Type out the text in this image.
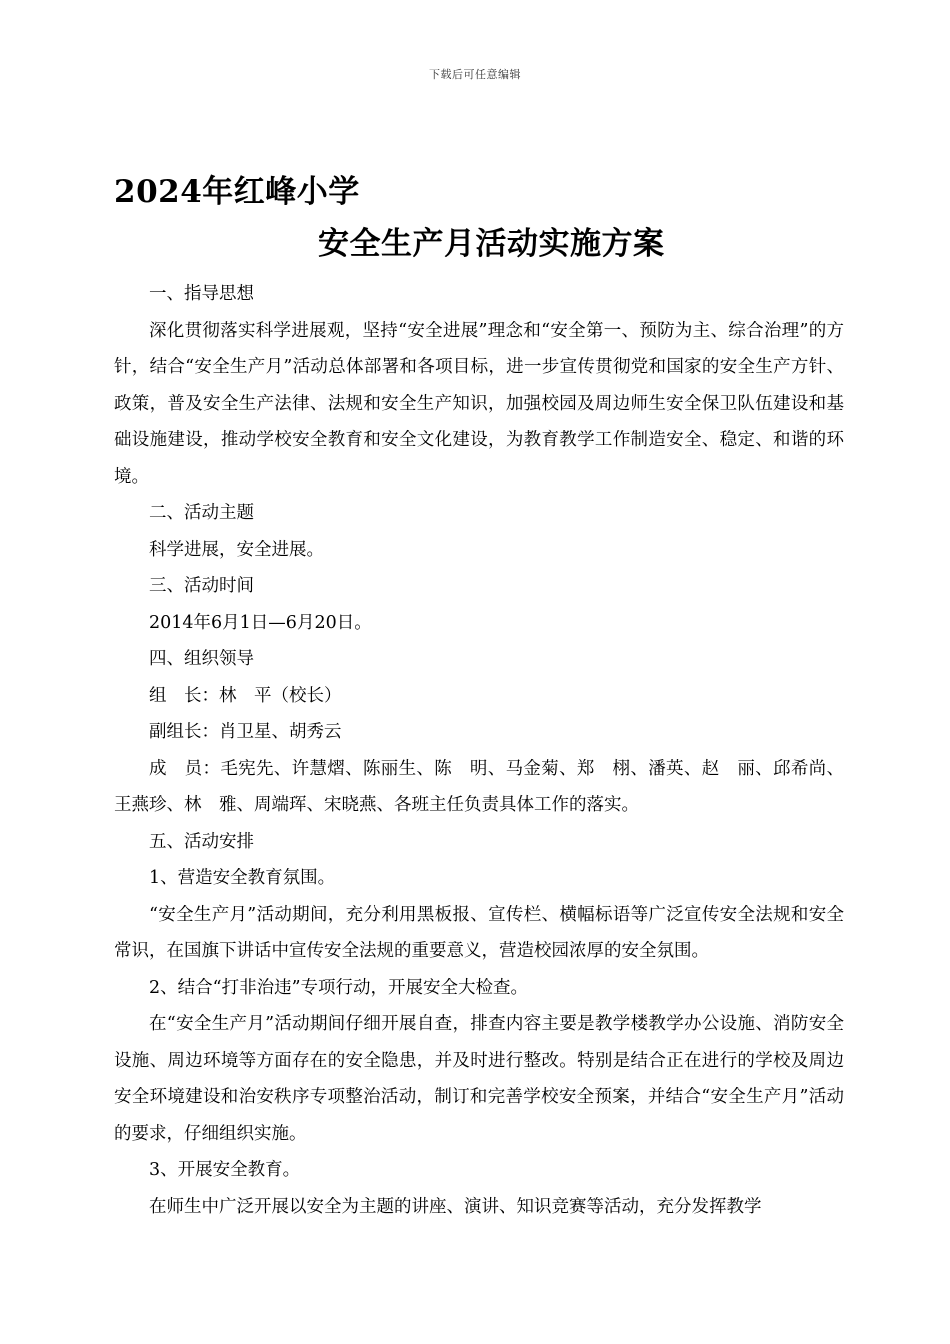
下载后可任意编辑
2024年红峰小学
安全生产月活动实施方案

一、指导思想

深化贯彻落实科学进展观，坚持“安全进展”理念和“安全第一、预防为主、综合治理”的方针，结合“安全生产月”活动总体部署和各项目标，进一步宣传贯彻党和国家的安全生产方针、政策，普及安全生产法律、法规和安全生产知识，加强校园及周边师生安全保卫队伍建设和基础设施建设，推动学校安全教育和安全文化建设，为教育教学工作制造安全、稳定、和谐的环境。

二、活动主题

科学进展，安全进展。

三、活动时间

2014年6月1日—6月20日。

四、组织领导

组　长：林　平（校长）

副组长：肖卫星、胡秀云

成　员：毛宪先、许慧熠、陈丽生、陈　明、马金菊、郑　栩、潘英、赵　丽、邱希尚、王燕珍、林　雅、周端珲、宋晓燕、各班主任负责具体工作的落实。

五、活动安排

1、营造安全教育氛围。

“安全生产月”活动期间，充分利用黑板报、宣传栏、横幅标语等广泛宣传安全法规和安全常识，在国旗下讲话中宣传安全法规的重要意义，营造校园浓厚的安全氛围。

2、结合“打非治违”专项行动，开展安全大检查。

在“安全生产月”活动期间仔细开展自查，排查内容主要是教学楼教学办公设施、消防安全设施、周边环境等方面存在的安全隐患，并及时进行整改。特别是结合正在进行的学校及周边安全环境建设和治安秩序专项整治活动，制订和完善学校安全预案，并结合“安全生产月”活动的要求，仔细组织实施。

3、开展安全教育。

在师生中广泛开展以安全为主题的讲座、演讲、知识竞赛等活动，充分发挥教学
